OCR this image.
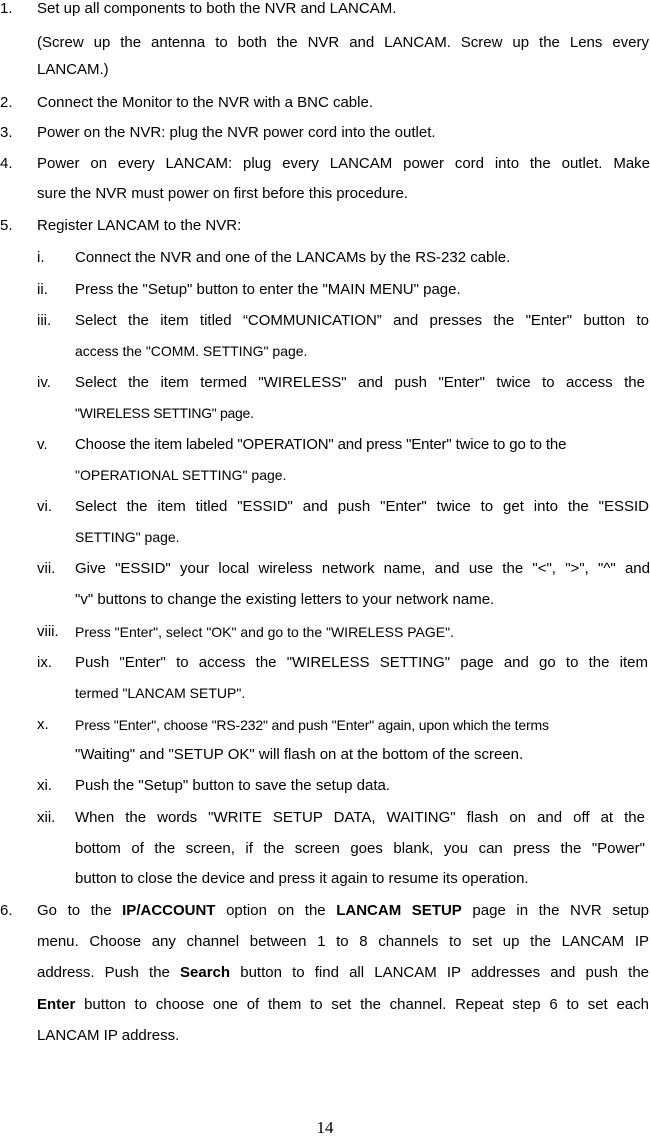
1. Set up all components to both the NVR and LANCAM.
(Screw up the antenna to both the NVR and LANCAM. Screw up the Lens every
LANCAM.)
2. Connect the Monitor to the NVR with a BNC cable.
3. Power on the NVR: plug the NVR power cord into the outlet.
4. Power on every LANCAM: plug every LANCAM power cord into the outlet. Make
sure the NVR must power on first before this procedure.
5. Register LANCAM to the NVR:
i. Connect the NVR and one of the LANCAMs by the RS-232 cable.
ii. Press the "Setup" button to enter the "MAIN MENU" page.
iii. Select the item titled “COMMUNICATION” and presses the "Enter" button to
access the "COMM. SETTING" page.
iv. Select the item termed "WIRELESS" and push "Enter" twice to access the
"WIRELESS SETTING" page.
v. Choose the item labeled "OPERATION" and press "Enter" twice to go to the
"OPERATIONAL SETTING" page.
vi. Select the item titled "ESSID" and push "Enter" twice to get into the "ESSID
SETTING" page.
vii. Give "ESSID" your local wireless network name, and use the "<", ">", "^" and
"v" buttons to change the existing letters to your network name.
viii. Press "Enter", select "OK" and go to the "WIRELESS PAGE".
ix. Push "Enter" to access the "WIRELESS SETTING" page and go to the item
termed "LANCAM SETUP".
x. Press "Enter", choose "RS-232" and push "Enter" again, upon which the terms
"Waiting" and "SETUP OK" will flash on at the bottom of the screen.
xi. Push the "Setup" button to save the setup data.
xii. When the words "WRITE SETUP DATA, WAITING" flash on and off at the
bottom of the screen, if the screen goes blank, you can press the "Power"
button to close the device and press it again to resume its operation.
6. Go to the IP/ACCOUNT option on the LANCAM SETUP page in the NVR setup
menu. Choose any channel between 1 to 8 channels to set up the LANCAM IP
address. Push the Search button to find all LANCAM IP addresses and push the
Enter button to choose one of them to set the channel. Repeat step 6 to set each
LANCAM IP address.
14
